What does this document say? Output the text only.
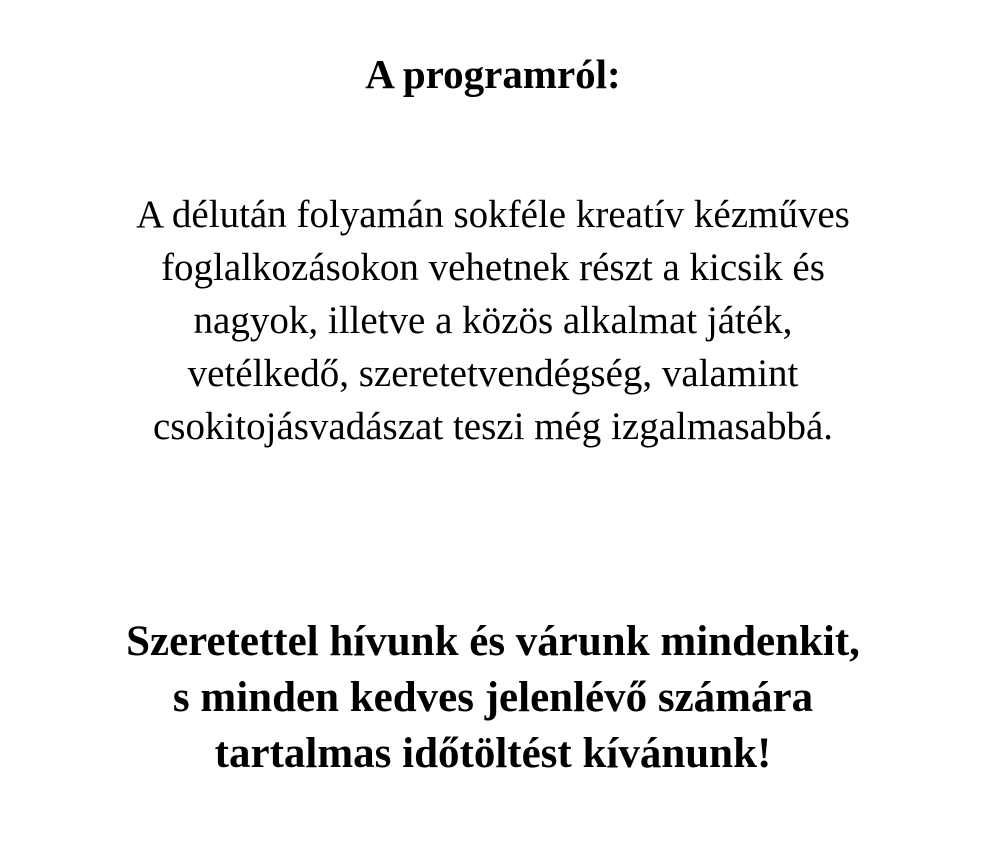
A programról:

A délután folyamán sokféle kreatív kézműves
foglalkozásokon vehetnek részt a kicsik és
nagyok, illetve a közös alkalmat játék,
vetélkedő, szeretetvendégség, valamint
csokitojásvadászat teszi még izgalmasabbá.

Szeretettel hívunk és várunk mindenkit,
s minden kedves jelenlévő számára
tartalmas időtöltést kívánunk!
